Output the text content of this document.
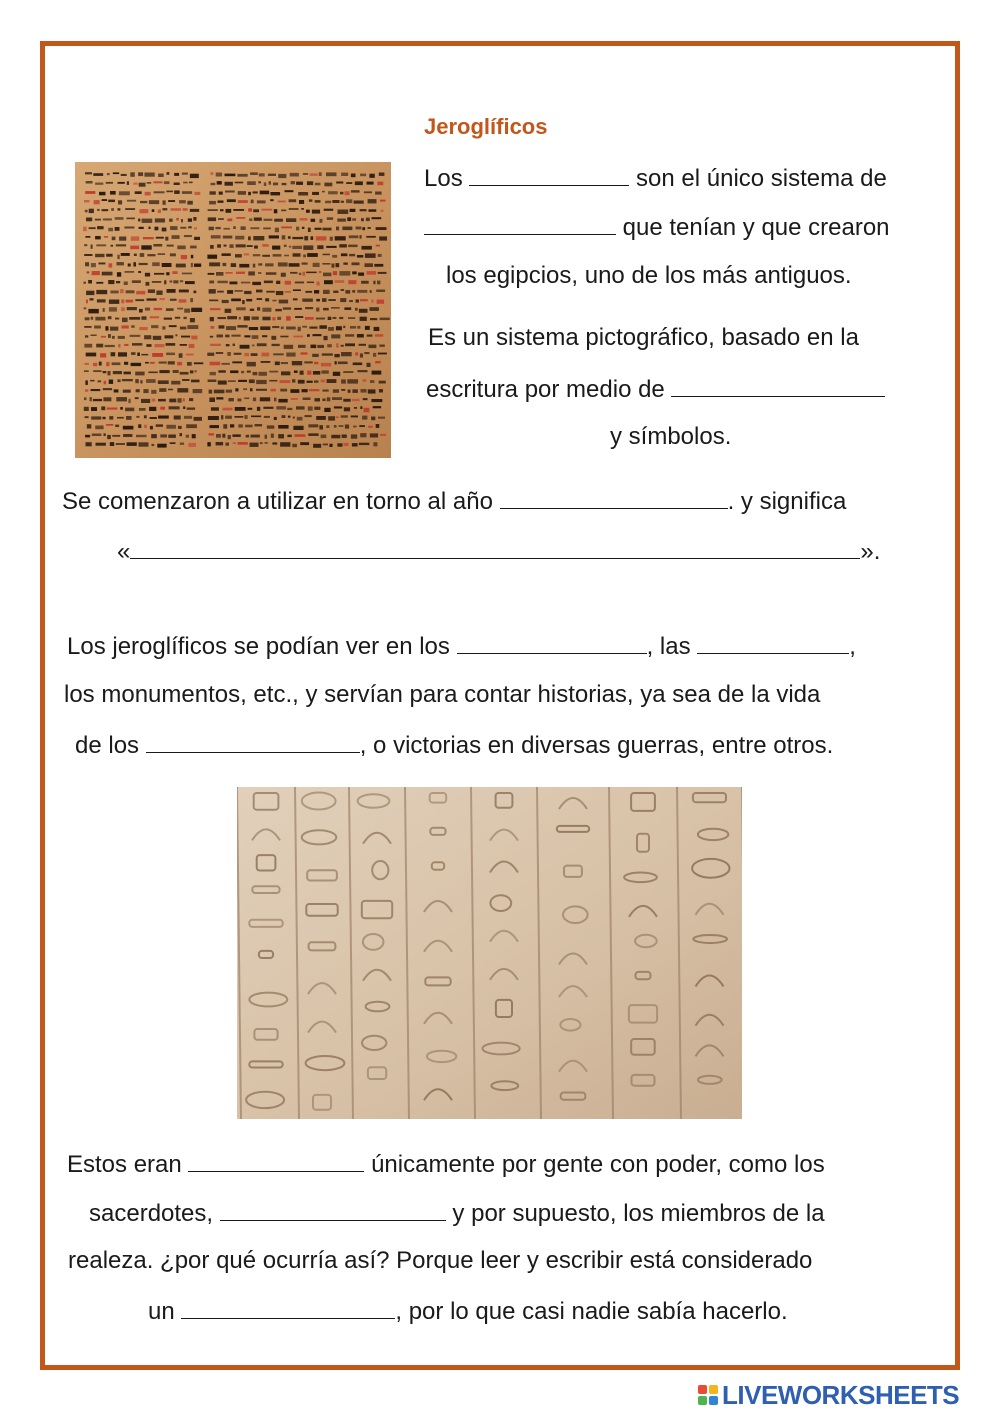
Jeroglíficos
Los	son el único sistema de
que tenían y que crearon
los egipcios, uno de los más antiguos.
Es un sistema pictográfico, basado en la
escritura por medio de
y símbolos.
Se comenzaron a utilizar en torno al año	. y significa
«	».
Los jeroglíficos se podían ver en los	, las	,
los monumentos, etc., y servían para contar historias, ya sea de la vida
de los	, o victorias en diversas guerras, entre otros.
Estos eran	únicamente por gente con poder, como los
sacerdotes,	y por supuesto, los miembros de la
realeza. ¿por qué ocurría así? Porque leer y escribir está considerado
un	, por lo que casi nadie sabía hacerlo.
LIVEWORKSHEETS
